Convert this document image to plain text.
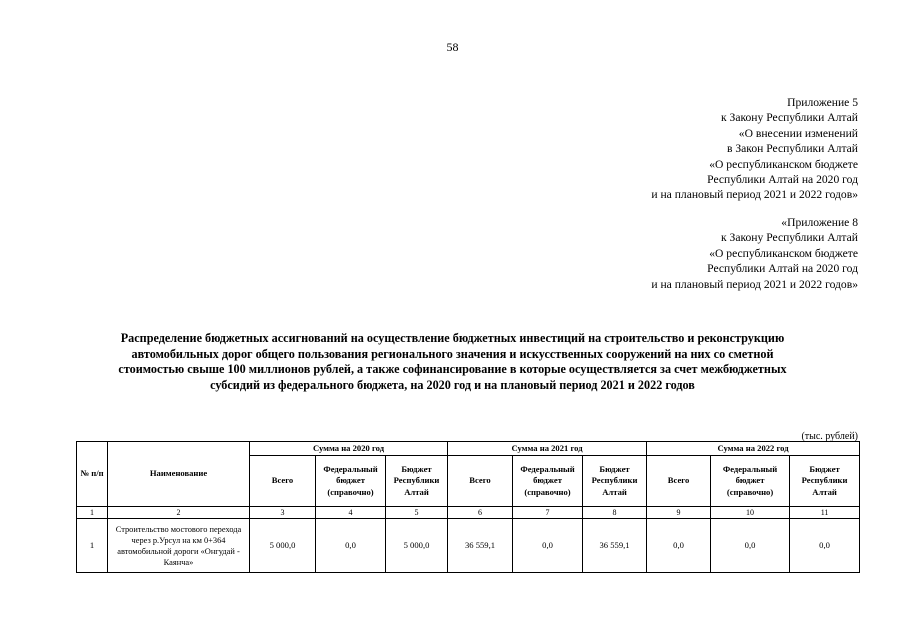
58
Приложение 5
к Закону Республики Алтай
«О внесении изменений
в Закон Республики Алтай
«О республиканском бюджете
Республики Алтай на 2020 год
и на плановый период 2021 и 2022 годов»
«Приложение 8
к Закону Республики Алтай
«О республиканском бюджете
Республики Алтай на 2020 год
и на плановый период 2021 и 2022 годов»
Распределение бюджетных ассигнований на осуществление бюджетных инвестиций на строительство и реконструкцию
автомобильных дорог общего пользования регионального значения и искусственных сооружений на них со сметной
стоимостью свыше 100 миллионов рублей, а также софинансирование в которые осуществляется за счет межбюджетных
субсидий из федерального бюджета, на 2020 год и на плановый период 2021 и 2022 годов
(тыс. рублей)
№ п/п	Наименование	Сумма на 2020 год			Сумма на 2021 год			Сумма на 2022 год		
		Всего	Федеральный бюджет (справочно)	Бюджет Республики Алтай	Всего	Федеральный бюджет (справочно)	Бюджет Республики Алтай	Всего	Федеральный бюджет (справочно)	Бюджет Республики Алтай
1	2	3	4	5	6	7	8	9	10	11
1	Строительство мостового перехода через р.Урсул на км 0+364 автомобильной дороги «Онгудай - Каянча»	5 000,0	0,0	5 000,0	36 559,1	0,0	36 559,1	0,0	0,0	0,0
